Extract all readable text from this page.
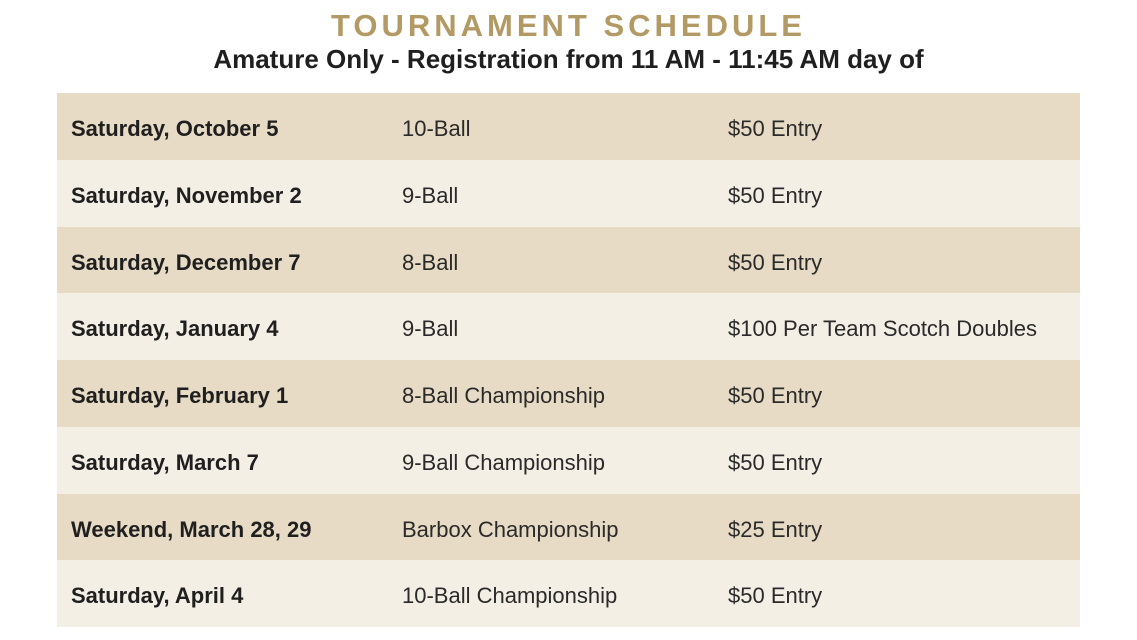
TOURNAMENT SCHEDULE
Amature Only - Registration from 11 AM - 11:45 AM day of
Saturday, October 5	10-Ball	$50 Entry
Saturday, November 2	9-Ball	$50 Entry
Saturday, December 7	8-Ball	$50 Entry
Saturday, January 4	9-Ball	$100 Per Team Scotch Doubles
Saturday, February 1	8-Ball Championship	$50 Entry
Saturday, March 7	9-Ball Championship	$50 Entry
Weekend, March 28, 29	Barbox Championship	$25 Entry
Saturday, April 4	10-Ball Championship	$50 Entry
